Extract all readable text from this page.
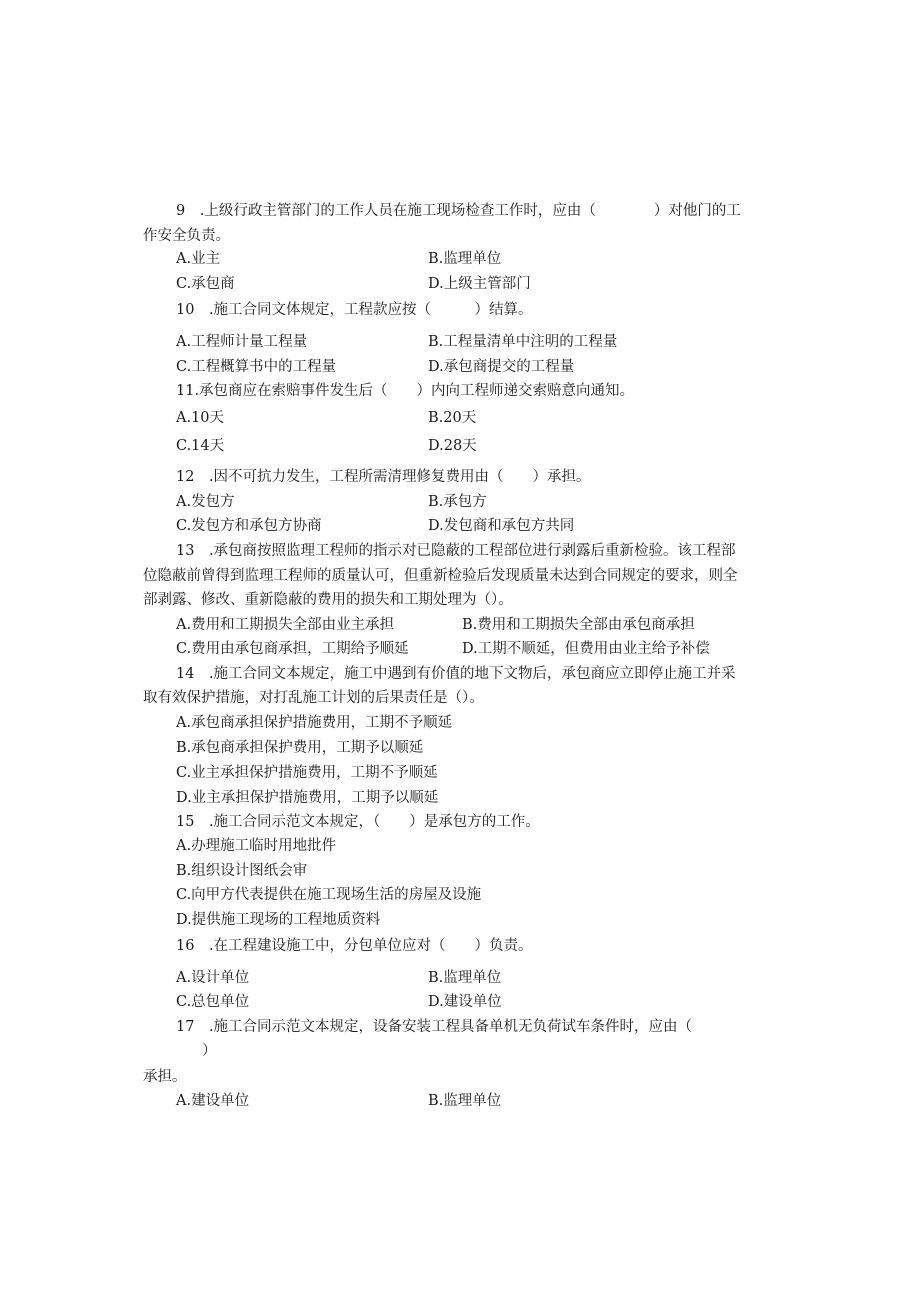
9　.上级行政主管部门的工作人员在施工现场检查工作时，应由（　　　　）对他门的工
作安全负责。
A.业主	B.监理单位
C.承包商	D.上级主管部门
10　.施工合同文体规定，工程款应按（　　　）结算。
A.工程师计量工程量	B.工程量清单中注明的工程量
C.工程概算书中的工程量	D.承包商提交的工程量
11.承包商应在索赔事件发生后（　　）内向工程师递交索赔意向通知。
A.10天	B.20天
C.14天	D.28天
12　.因不可抗力发生，工程所需清理修复费用由（　　）承担。
A.发包方	B.承包方
C.发包方和承包方协商	D.发包商和承包方共同
13　.承包商按照监理工程师的指示对已隐蔽的工程部位进行剥露后重新检验。该工程部
位隐蔽前曾得到监理工程师的质量认可，但重新检验后发现质量未达到合同规定的要求，则全
部剥露、修改、重新隐蔽的费用的损失和工期处理为（）。
A.费用和工期损失全部由业主承担	B.费用和工期损失全部由承包商承担
C.费用由承包商承担，工期给予顺延	D.工期不顺延，但费用由业主给予补偿
14　.施工合同文本规定，施工中遇到有价值的地下文物后，承包商应立即停止施工并采
取有效保护措施，对打乱施工计划的后果责任是（）。
A.承包商承担保护措施费用，工期不予顺延
B.承包商承担保护费用，工期予以顺延
C.业主承担保护措施费用，工期不予顺延
D.业主承担保护措施费用，工期予以顺延
15　.施工合同示范文本规定，（　　）是承包方的工作。
A.办理施工临时用地批件
B.组织设计图纸会审
C.向甲方代表提供在施工现场生活的房屋及设施
D.提供施工现场的工程地质资料
16　.在工程建设施工中，分包单位应对（　　）负责。
A.设计单位	B.监理单位
C.总包单位	D.建设单位
17　.施工合同示范文本规定，设备安装工程具备单机无负荷试车条件时，应由（
）
承担。
A.建设单位	B.监理单位
